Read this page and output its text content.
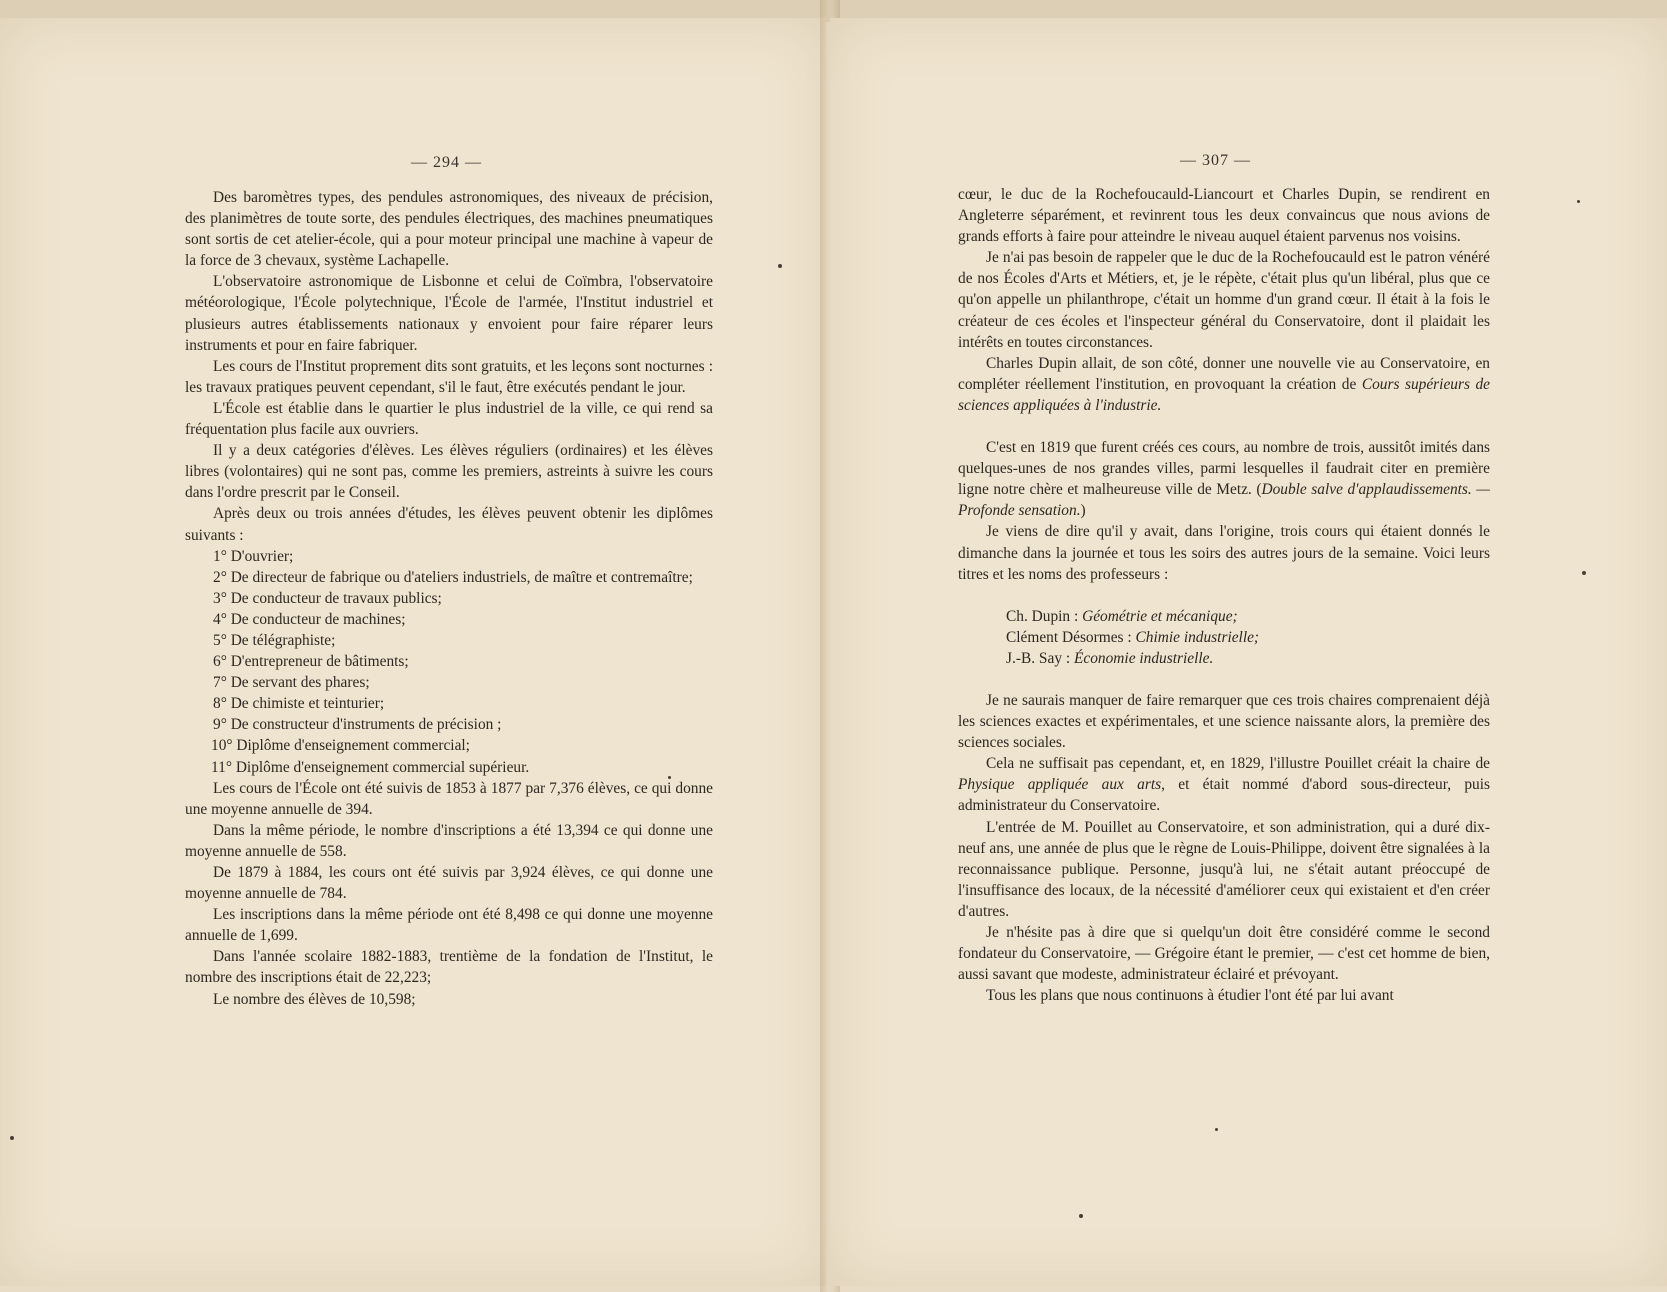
— 294 —

Des baromètres types, des pendules astronomiques, des niveaux de précision, des planimètres de toute sorte, des pendules électriques, des machines pneumatiques sont sortis de cet atelier-école, qui a pour moteur principal une machine à vapeur de la force de 3 chevaux, système Lachapelle.

L'observatoire astronomique de Lisbonne et celui de Coïmbra, l'observatoire météorologique, l'École polytechnique, l'École de l'armée, l'Institut industriel et plusieurs autres établissements nationaux y envoient pour faire réparer leurs instruments et pour en faire fabriquer.

Les cours de l'Institut proprement dits sont gratuits, et les leçons sont nocturnes : les travaux pratiques peuvent cependant, s'il le faut, être exécutés pendant le jour.

L'École est établie dans le quartier le plus industriel de la ville, ce qui rend sa fréquentation plus facile aux ouvriers.

Il y a deux catégories d'élèves. Les élèves réguliers (ordinaires) et les élèves libres (volontaires) qui ne sont pas, comme les premiers, astreints à suivre les cours dans l'ordre prescrit par le Conseil.

Après deux ou trois années d'études, les élèves peuvent obtenir les diplômes suivants :

1° D'ouvrier;

2° De directeur de fabrique ou d'ateliers industriels, de maître et contremaître;

3° De conducteur de travaux publics;

4° De conducteur de machines;

5° De télégraphiste;

6° D'entrepreneur de bâtiments;

7° De servant des phares;

8° De chimiste et teinturier;

9° De constructeur d'instruments de précision ;

10° Diplôme d'enseignement commercial;

11° Diplôme d'enseignement commercial supérieur.

Les cours de l'École ont été suivis de 1853 à 1877 par 7,376 élèves, ce qui donne une moyenne annuelle de 394.

Dans la même période, le nombre d'inscriptions a été 13,394 ce qui donne une moyenne annuelle de 558.

De 1879 à 1884, les cours ont été suivis par 3,924 élèves, ce qui donne une moyenne annuelle de 784.

Les inscriptions dans la même période ont été 8,498 ce qui donne une moyenne annuelle de 1,699.

Dans l'année scolaire 1882-1883, trentième de la fondation de l'Institut, le nombre des inscriptions était de 22,223;

Le nombre des élèves de 10,598;

— 307 —

cœur, le duc de la Rochefoucauld-Liancourt et Charles Dupin, se rendirent en Angleterre séparément, et revinrent tous les deux convaincus que nous avions de grands efforts à faire pour atteindre le niveau auquel étaient parvenus nos voisins.

Je n'ai pas besoin de rappeler que le duc de la Rochefoucauld est le patron vénéré de nos Écoles d'Arts et Métiers, et, je le répète, c'était plus qu'un libéral, plus que ce qu'on appelle un philanthrope, c'était un homme d'un grand cœur. Il était à la fois le créateur de ces écoles et l'inspecteur général du Conservatoire, dont il plaidait les intérêts en toutes circonstances.

Charles Dupin allait, de son côté, donner une nouvelle vie au Conservatoire, en compléter réellement l'institution, en provoquant la création de Cours supérieurs de sciences appliquées à l'industrie.

C'est en 1819 que furent créés ces cours, au nombre de trois, aussitôt imités dans quelques-unes de nos grandes villes, parmi lesquelles il faudrait citer en première ligne notre chère et malheureuse ville de Metz. (Double salve d'applaudissements. — Profonde sensation.)

Je viens de dire qu'il y avait, dans l'origine, trois cours qui étaient donnés le dimanche dans la journée et tous les soirs des autres jours de la semaine. Voici leurs titres et les noms des professeurs :

Ch. Dupin : Géométrie et mécanique;

Clément Désormes : Chimie industrielle;

J.-B. Say : Économie industrielle.

Je ne saurais manquer de faire remarquer que ces trois chaires comprenaient déjà les sciences exactes et expérimentales, et une science naissante alors, la première des sciences sociales.

Cela ne suffisait pas cependant, et, en 1829, l'illustre Pouillet créait la chaire de Physique appliquée aux arts, et était nommé d'abord sous-directeur, puis administrateur du Conservatoire.

L'entrée de M. Pouillet au Conservatoire, et son administration, qui a duré dix-neuf ans, une année de plus que le règne de Louis-Philippe, doivent être signalées à la reconnaissance publique. Personne, jusqu'à lui, ne s'était autant préoccupé de l'insuffisance des locaux, de la nécessité d'améliorer ceux qui existaient et d'en créer d'autres.

Je n'hésite pas à dire que si quelqu'un doit être considéré comme le second fondateur du Conservatoire, — Grégoire étant le premier, — c'est cet homme de bien, aussi savant que modeste, administrateur éclairé et prévoyant.

Tous les plans que nous continuons à étudier l'ont été par lui avant
